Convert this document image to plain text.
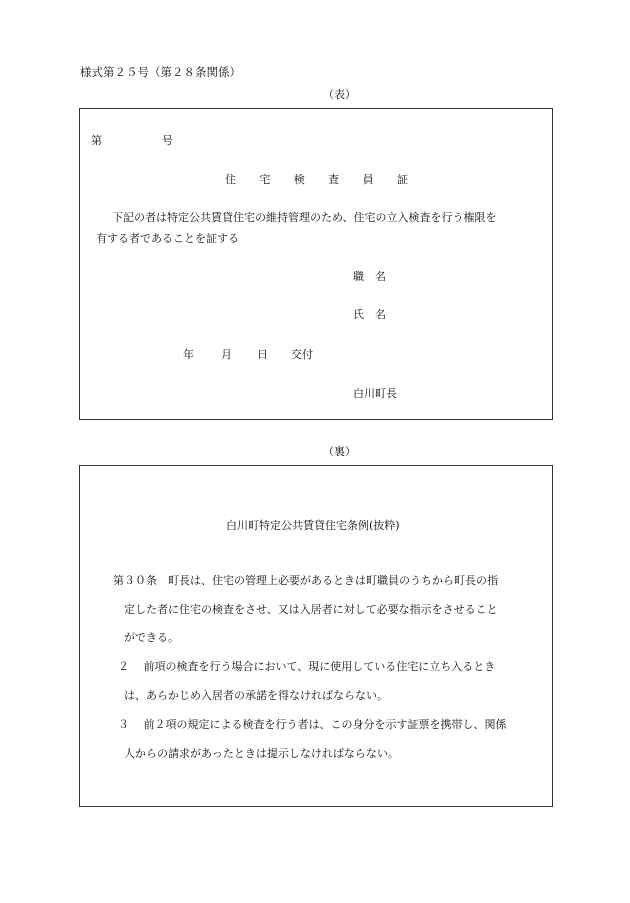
様式第２５号（第２８条関係）
（表）
第	号
住 宅 検 査 員 証
下記の者は特定公共賃貸住宅の維持管理のため、住宅の立入検査を行う権限を
有する者であることを証する
職　名
氏　名
年 月 日 交付
白川町長
（裏）
白川町特定公共賃貸住宅条例(抜粋)
第３０条　町長は、住宅の管理上必要があるときは町職員のうちから町長の指
定した者に住宅の検査をさせ、又は入居者に対して必要な指示をさせること
ができる。
２　 前項の検査を行う場合において、現に使用している住宅に立ち入るとき
は、あらかじめ入居者の承諾を得なければならない。
３　 前２項の規定による検査を行う者は、この身分を示す証票を携帯し、関係
人からの請求があったときは提示しなければならない。
